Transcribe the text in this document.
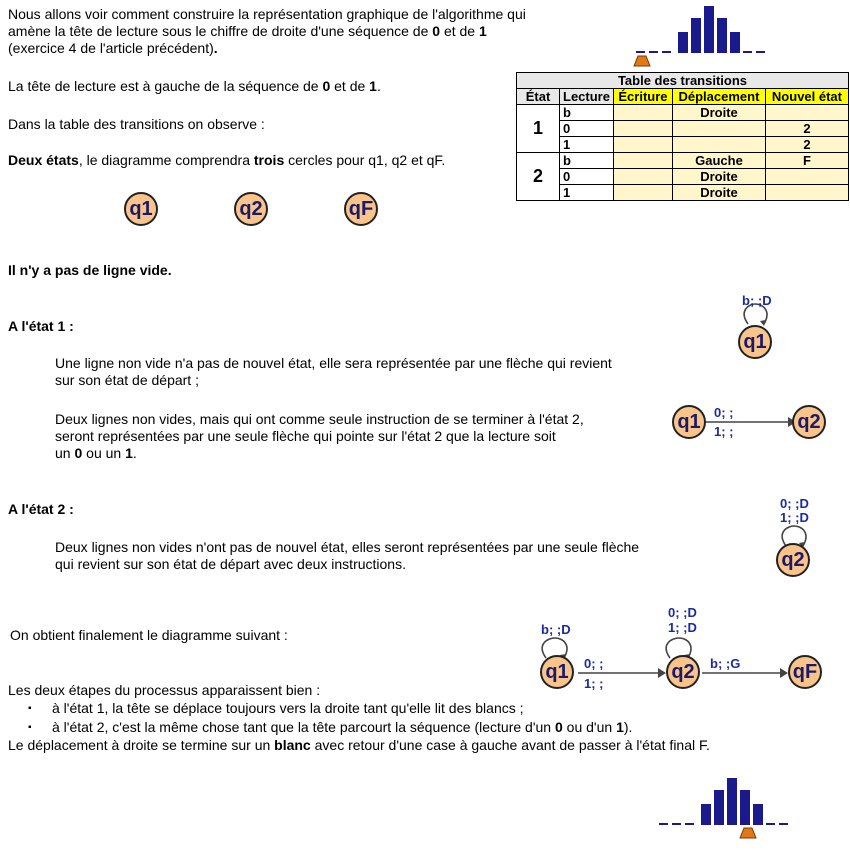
Nous allons voir comment construire la représentation graphique de l'algorithme qui
amène la tête de lecture sous le chiffre de droite d'une séquence de 0 et de 1
(exercice 4 de l'article précédent).
La tête de lecture est à gauche de la séquence de 0 et de 1.
Dans la table des transitions on observe :
Deux états, le diagramme comprendra trois cercles pour q1, q2 et qF.
q1	q2	qF
Table des transitions				
État	Lecture	Écriture	Déplacement	Nouvel état
1	b		Droite	
	0			2
	1			2
2	b		Gauche	F
	0		Droite	
	1		Droite	
Il n'y a pas de ligne vide.
A l'état 1 :
Une ligne non vide n'a pas de nouvel état, elle sera représentée par une flèche qui revient
sur son état de départ ;
Deux lignes non vides, mais qui ont comme seule instruction de se terminer à l'état 2,
seront représentées par une seule flèche qui pointe sur l'état 2 que la lecture soit
un 0 ou un 1.
b; ;D
q1
q1	q2
0; ;
1; ;
A l'état 2 :
Deux lignes non vides n'ont pas de nouvel état, elles seront représentées par une seule flèche
qui revient sur son état de départ avec deux instructions.
0; ;D
1; ;D
q2
On obtient finalement le diagramme suivant :	b; ;D
0; ;D
1; ;D
q1	q2	qF
0; ;
1; ;
b; ;G
Les deux étapes du processus apparaissent bien :
▪ à l'état 1, la tête se déplace toujours vers la droite tant qu'elle lit des blancs ;
▪ à l'état 2, c'est la même chose tant que la tête parcourt la séquence (lecture d'un 0 ou d'un 1).
Le déplacement à droite se termine sur un blanc avec retour d'une case à gauche avant de passer à l'état final F.
